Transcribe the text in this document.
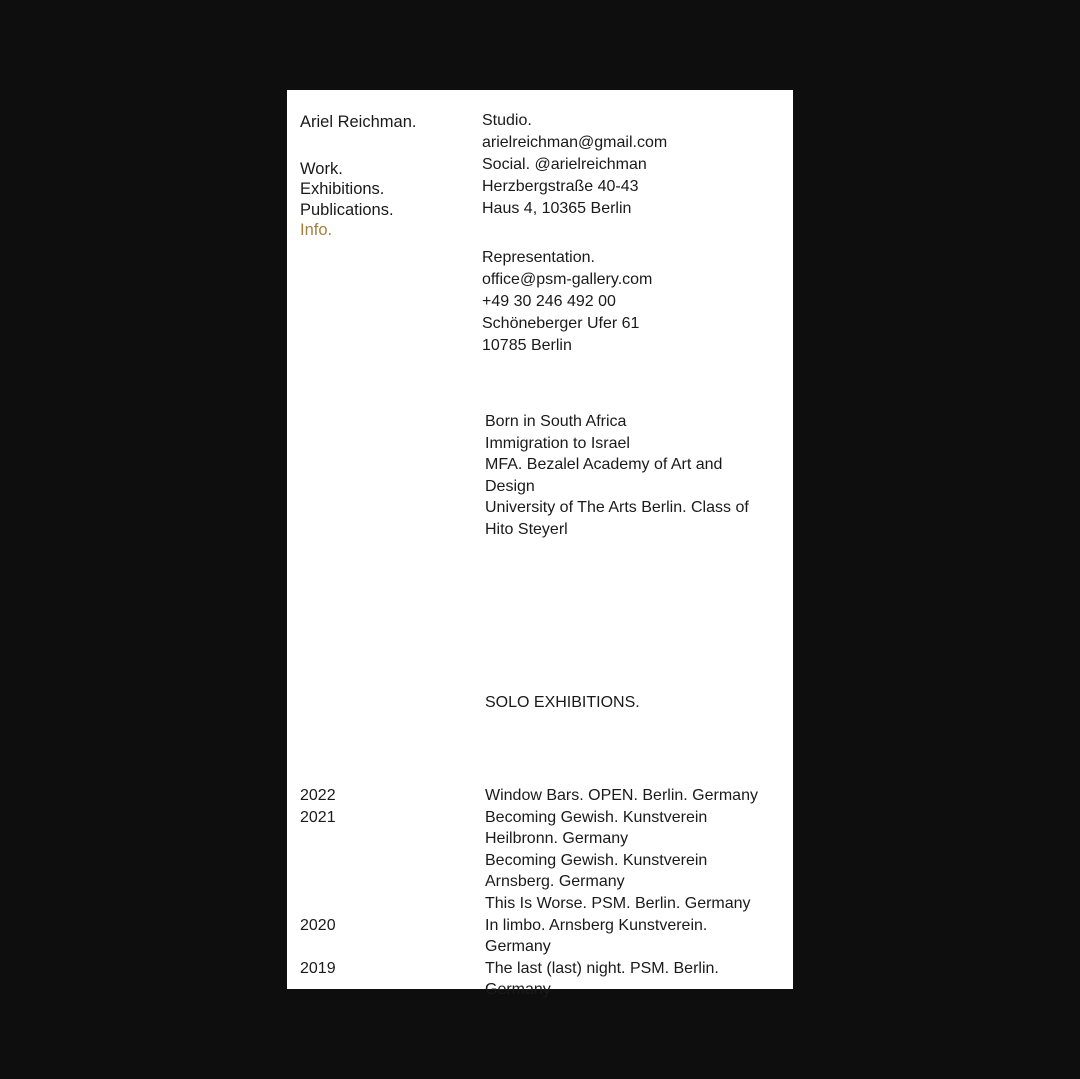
Ariel Reichman.
Work.
Exhibitions.
Publications.
Info.
Studio.
arielreichman@gmail.com
Social. @arielreichman
Herzbergstraße 40-43
Haus 4, 10365 Berlin
Representation.
office@psm-gallery.com
+49 30 246 492 00
Schöneberger Ufer 61
10785 Berlin
Born in South Africa
Immigration to Israel
MFA. Bezalel Academy of Art and Design
University of The Arts Berlin. Class of Hito Steyerl
SOLO EXHIBITIONS.
2022	Window Bars. OPEN. Berlin. Germany
2021	Becoming Gewish. Kunstverein Heilbronn. Germany
Becoming Gewish. Kunstverein Arnsberg. Germany
This Is Worse. PSM. Berlin. Germany
2020	In limbo. Arnsberg Kunstverein. Germany
2019	The last (last) night. PSM. Berlin. Germany
